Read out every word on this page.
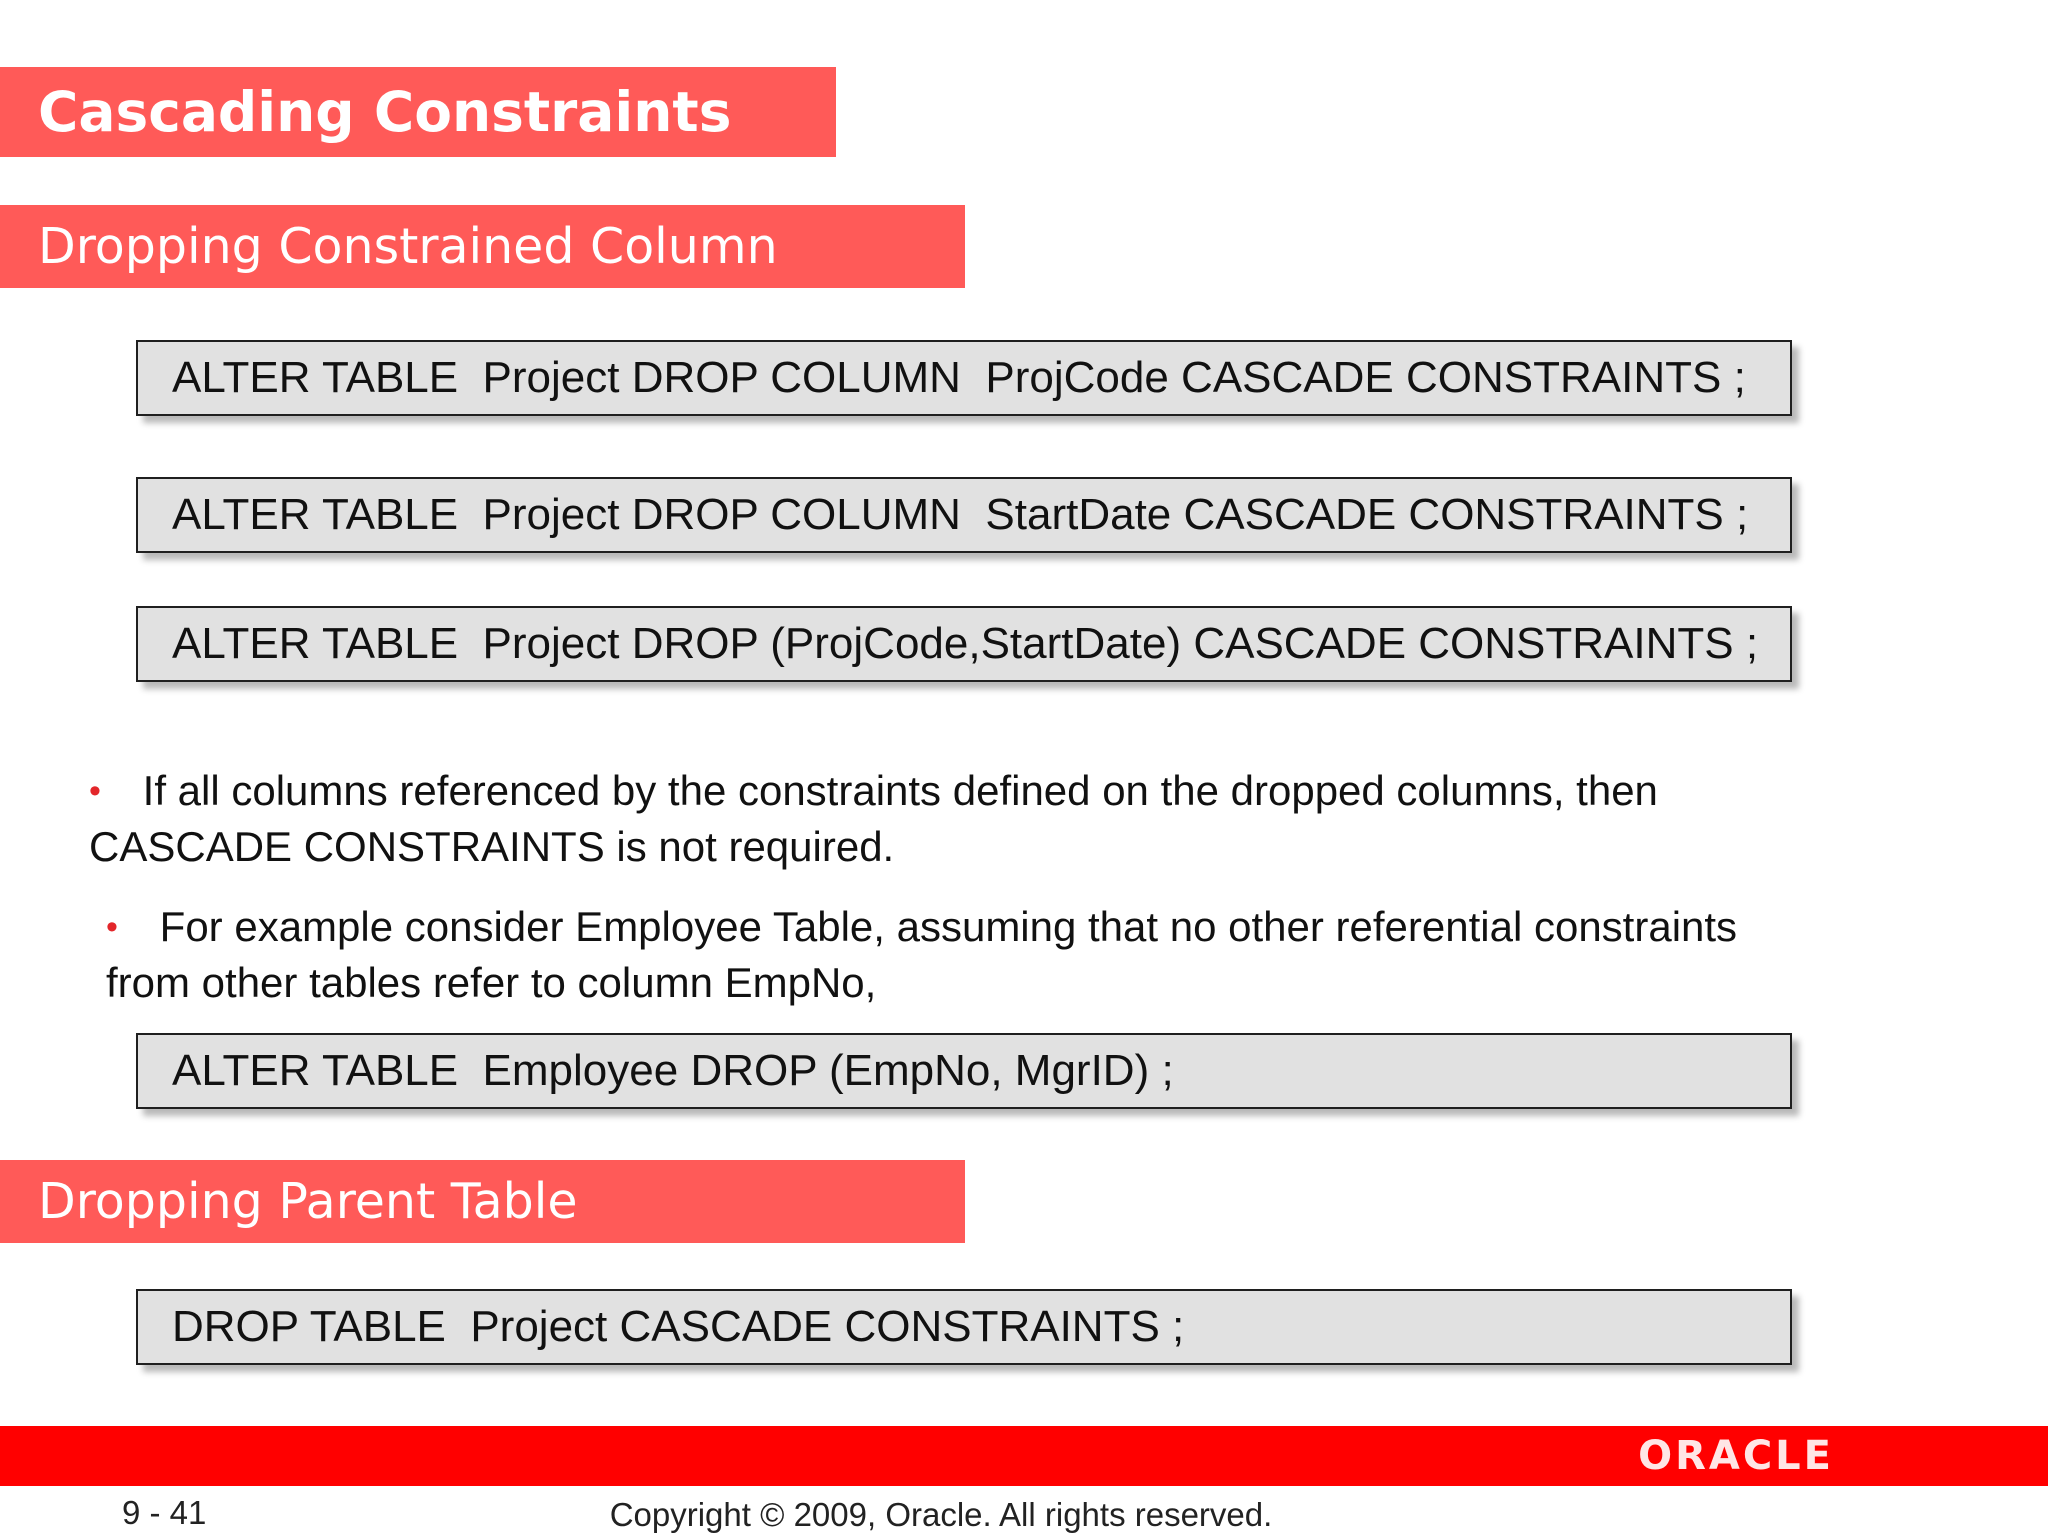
Cascading Constraints
Dropping Constrained Column
ALTER TABLE  Project DROP COLUMN  ProjCode CASCADE CONSTRAINTS ;
ALTER TABLE  Project DROP COLUMN  StartDate CASCADE CONSTRAINTS ;
ALTER TABLE  Project DROP (ProjCode,StartDate) CASCADE CONSTRAINTS ;
• If all columns referenced by the constraints defined on the dropped columns, then
CASCADE CONSTRAINTS is not required.
• For example consider Employee Table, assuming that no other referential constraints
from other tables refer to column EmpNo,
ALTER TABLE  Employee DROP (EmpNo, MgrID) ;
Dropping Parent Table
DROP TABLE  Project CASCADE CONSTRAINTS ;
ORACLE
9 - 41	Copyright © 2009, Oracle. All rights reserved.
